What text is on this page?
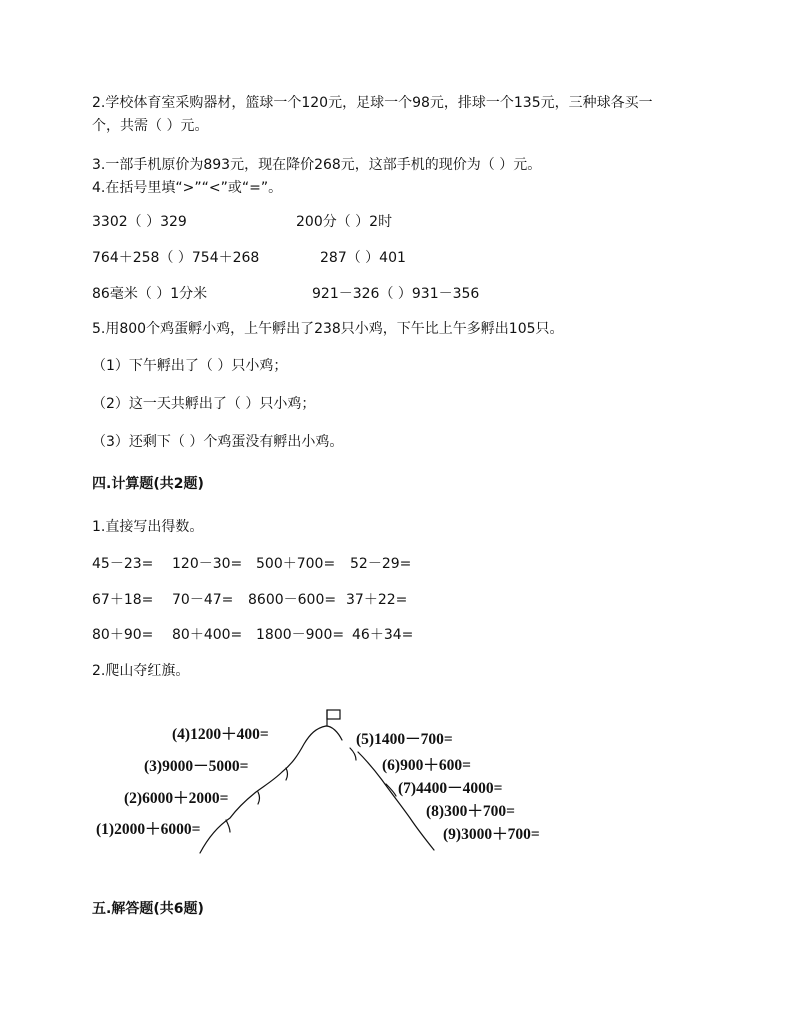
2.学校体育室采购器材，篮球一个120元，足球一个98元，排球一个135元，三种球各买一
个，共需（ ）元。
3.一部手机原价为893元，现在降价268元，这部手机的现价为（ ）元。
4.在括号里填“>”“<”或“=”。
3302（ ）329	200分（ ）2时
764＋258（ ）754＋268	287（ ）401
86毫米（ ）1分米	921－326（ ）931－356
5.用800个鸡蛋孵小鸡，上午孵出了238只小鸡，下午比上午多孵出105只。
（1）下午孵出了（ ）只小鸡；
（2）这一天共孵出了（ ）只小鸡；
（3）还剩下（ ）个鸡蛋没有孵出小鸡。
四.计算题(共2题)
1.直接写出得数。
45－23= 120－30= 500＋700= 52－29=
67＋18= 70－47= 8600－600= 37＋22=
80＋90= 80＋400= 1800－900= 46＋34=
2.爬山夺红旗。
(4)1200＋400=
(3)9000－5000=
(2)6000＋2000=
(1)2000＋6000=
(5)1400－700=
(6)900＋600=
(7)4400－4000=
(8)300＋700=
(9)3000＋700=
五.解答题(共6题)
